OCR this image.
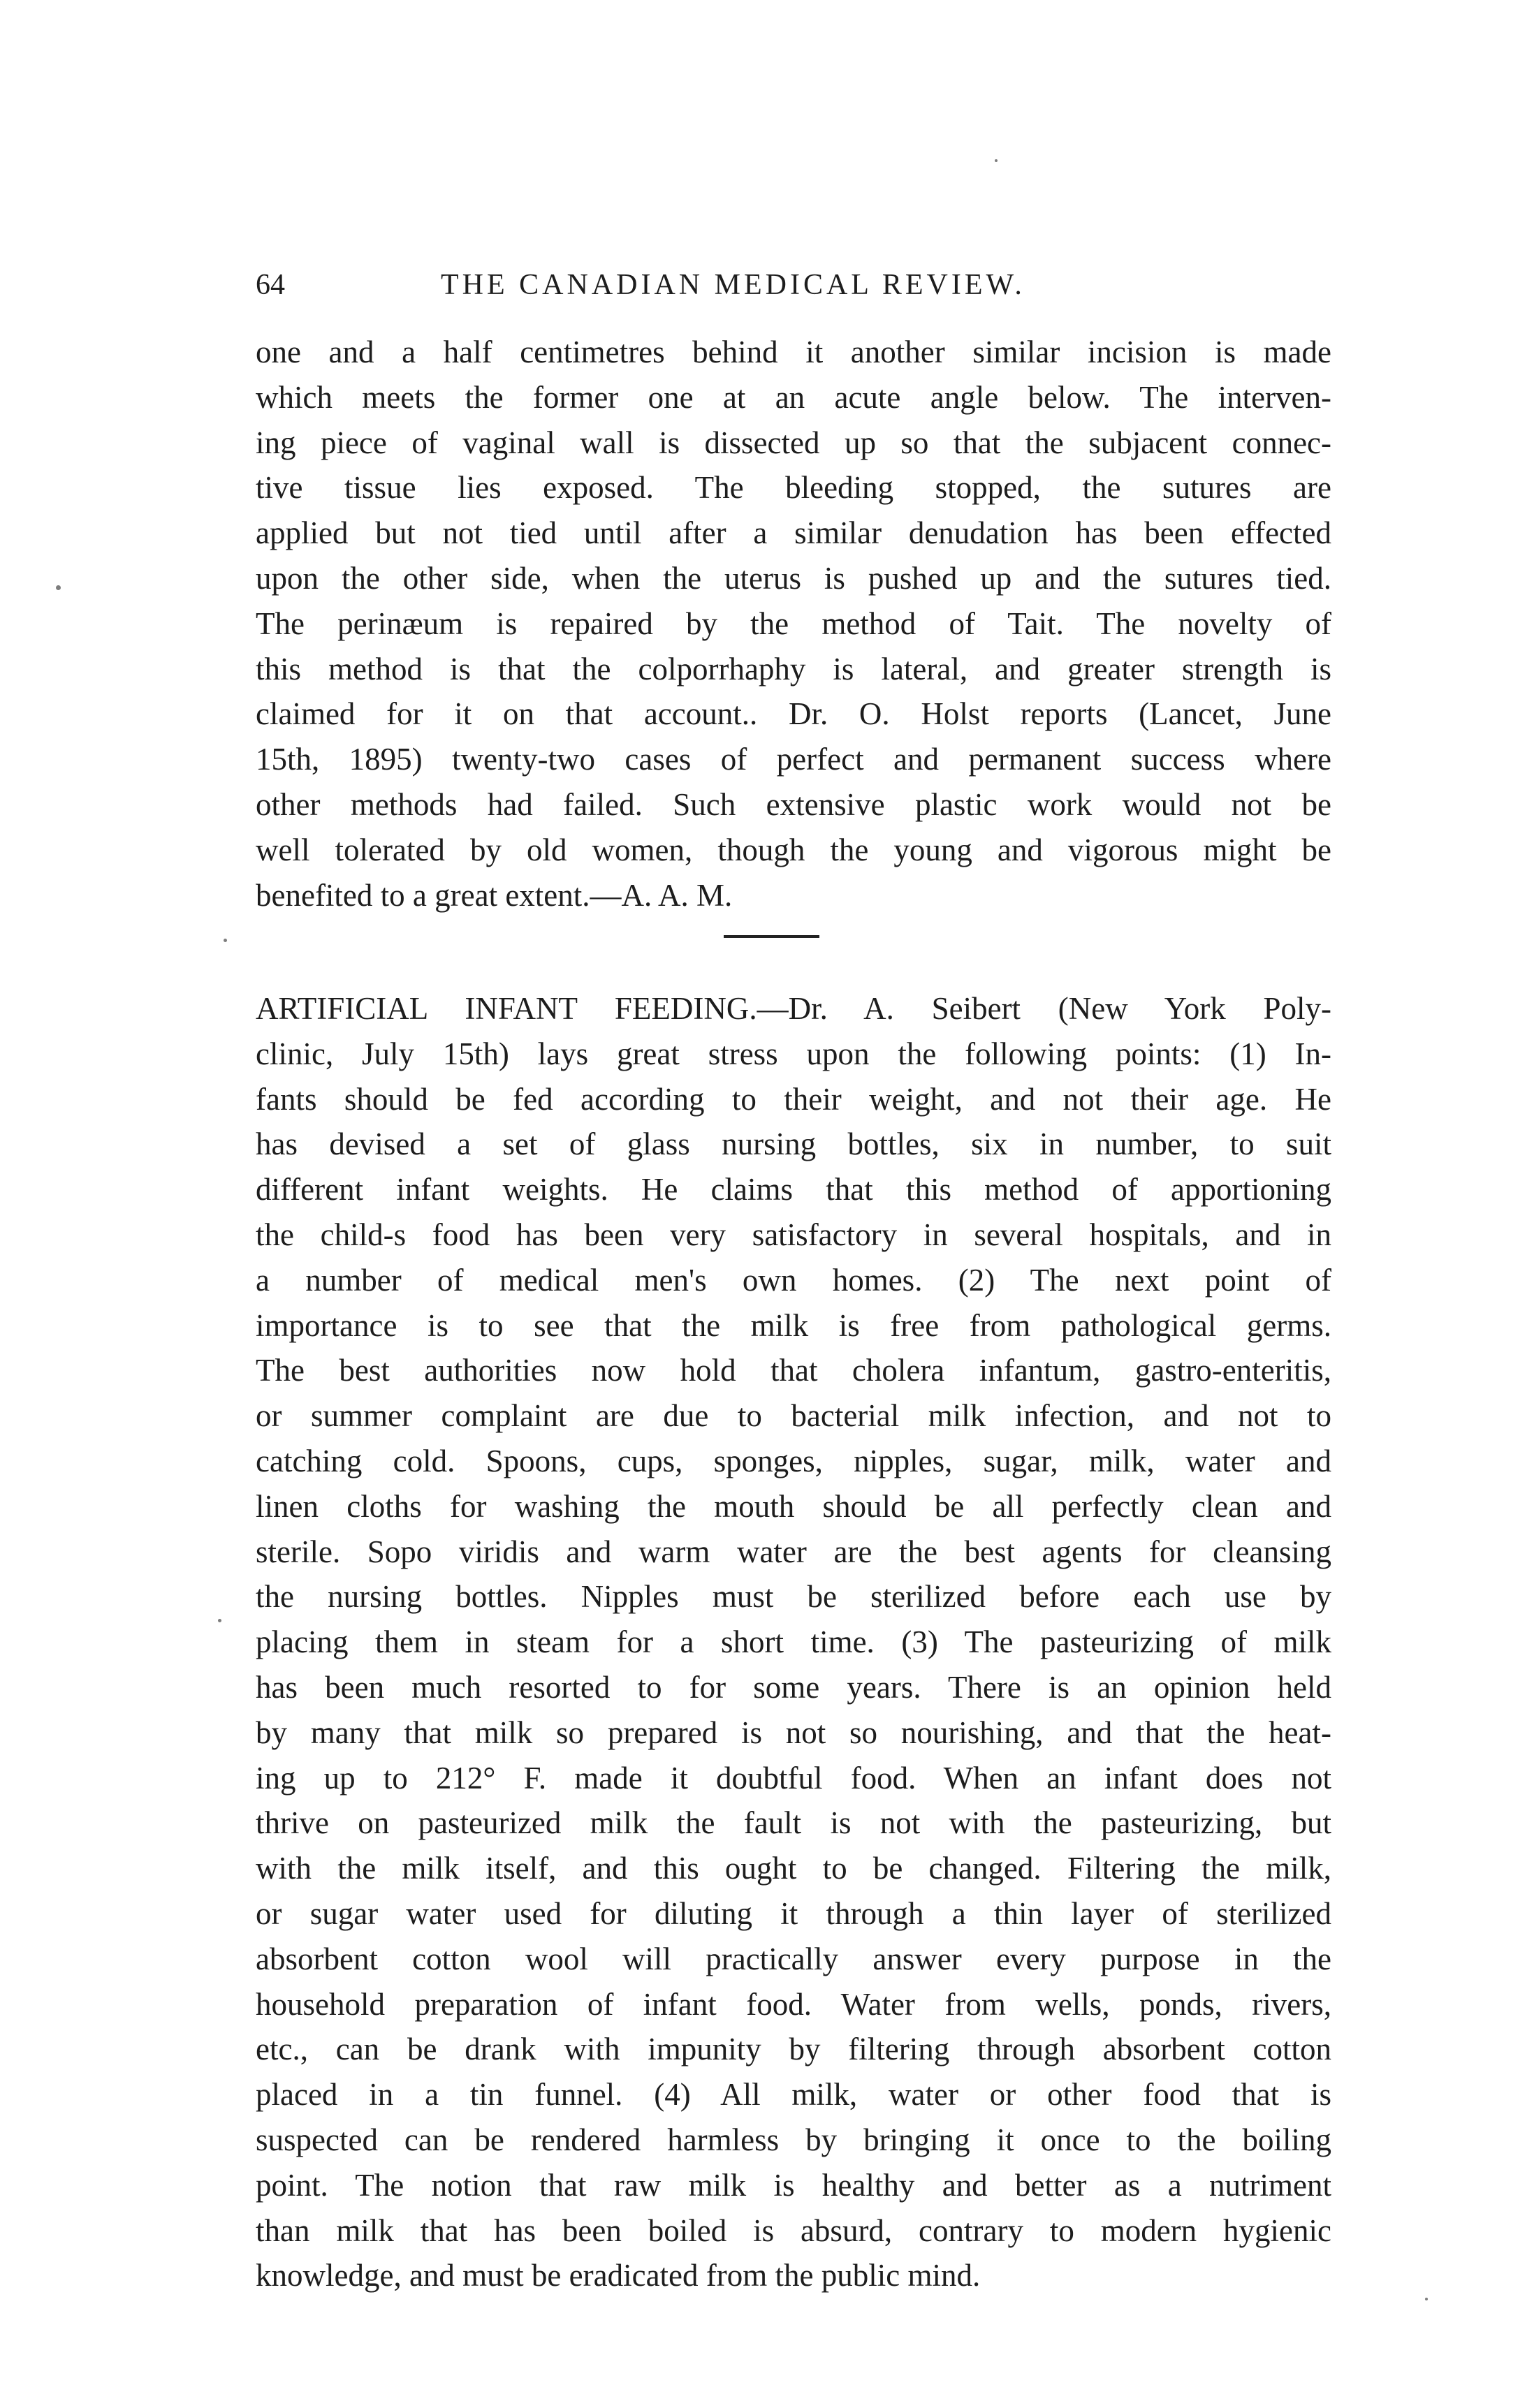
64	THE CANADIAN MEDICAL REVIEW.
one and a half centimetres behind it another similar incision is made
which meets the former one at an acute angle below. The interven-
ing piece of vaginal wall is dissected up so that the subjacent connec-
tive tissue lies exposed. The bleeding stopped, the sutures are
applied but not tied until after a similar denudation has been effected
upon the other side, when the uterus is pushed up and the sutures tied.
The perinæum is repaired by the method of Tait. The novelty of
this method is that the colporrhaphy is lateral, and greater strength is
claimed for it on that account.. Dr. O. Holst reports (Lancet, June
15th, 1895) twenty-two cases of perfect and permanent success where
other methods had failed. Such extensive plastic work would not be
well tolerated by old women, though the young and vigorous might be
benefited to a great extent.—A. A. M.
ARTIFICIAL INFANT FEEDING.—Dr. A. Seibert (New York Poly-
clinic, July 15th) lays great stress upon the following points: (1) In-
fants should be fed according to their weight, and not their age. He
has devised a set of glass nursing bottles, six in number, to suit
different infant weights. He claims that this method of apportioning
the child-s food has been very satisfactory in several hospitals, and in
a number of medical men's own homes. (2) The next point of
importance is to see that the milk is free from pathological germs.
The best authorities now hold that cholera infantum, gastro-enteritis,
or summer complaint are due to bacterial milk infection, and not to
catching cold. Spoons, cups, sponges, nipples, sugar, milk, water and
linen cloths for washing the mouth should be all perfectly clean and
sterile. Sopo viridis and warm water are the best agents for cleansing
the nursing bottles. Nipples must be sterilized before each use by
placing them in steam for a short time. (3) The pasteurizing of milk
has been much resorted to for some years. There is an opinion held
by many that milk so prepared is not so nourishing, and that the heat-
ing up to 212° F. made it doubtful food. When an infant does not
thrive on pasteurized milk the fault is not with the pasteurizing, but
with the milk itself, and this ought to be changed. Filtering the milk,
or sugar water used for diluting it through a thin layer of sterilized
absorbent cotton wool will practically answer every purpose in the
household preparation of infant food. Water from wells, ponds, rivers,
etc., can be drank with impunity by filtering through absorbent cotton
placed in a tin funnel. (4) All milk, water or other food that is
suspected can be rendered harmless by bringing it once to the boiling
point. The notion that raw milk is healthy and better as a nutriment
than milk that has been boiled is absurd, contrary to modern hygienic
knowledge, and must be eradicated from the public mind.
